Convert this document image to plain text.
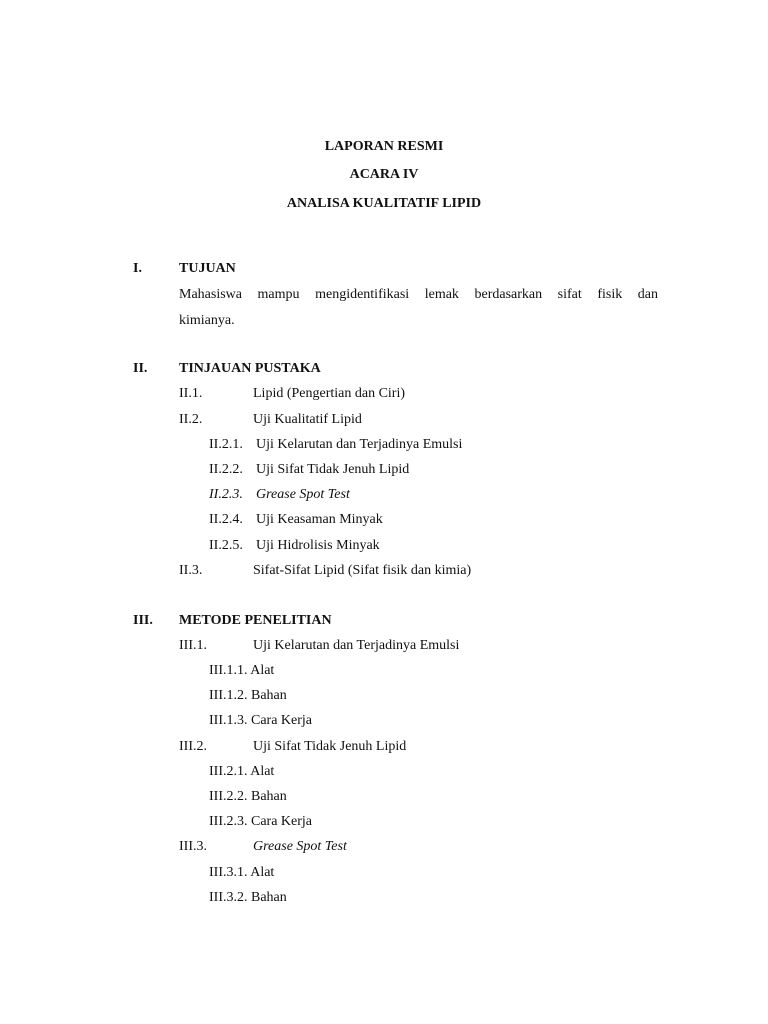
LAPORAN RESMI
ACARA IV
ANALISA KUALITATIF LIPID
I.	TUJUAN
Mahasiswa mampu mengidentifikasi lemak berdasarkan sifat fisik dan
kimianya.
II. TINJAUAN PUSTAKA
II.1.	Lipid (Pengertian dan Ciri)
II.2.	Uji Kualitatif Lipid
II.2.1. Uji Kelarutan dan Terjadinya Emulsi
II.2.2. Uji Sifat Tidak Jenuh Lipid
II.2.3. Grease Spot Test
II.2.4. Uji Keasaman Minyak
II.2.5. Uji Hidrolisis Minyak
II.3.	Sifat-Sifat Lipid (Sifat fisik dan kimia)
III. METODE PENELITIAN
III.1.	Uji Kelarutan dan Terjadinya Emulsi
III.1.1. Alat
III.1.2. Bahan
III.1.3. Cara Kerja
III.2.	Uji Sifat Tidak Jenuh Lipid
III.2.1. Alat
III.2.2. Bahan
III.2.3. Cara Kerja
III.3.	Grease Spot Test
III.3.1. Alat
III.3.2. Bahan
